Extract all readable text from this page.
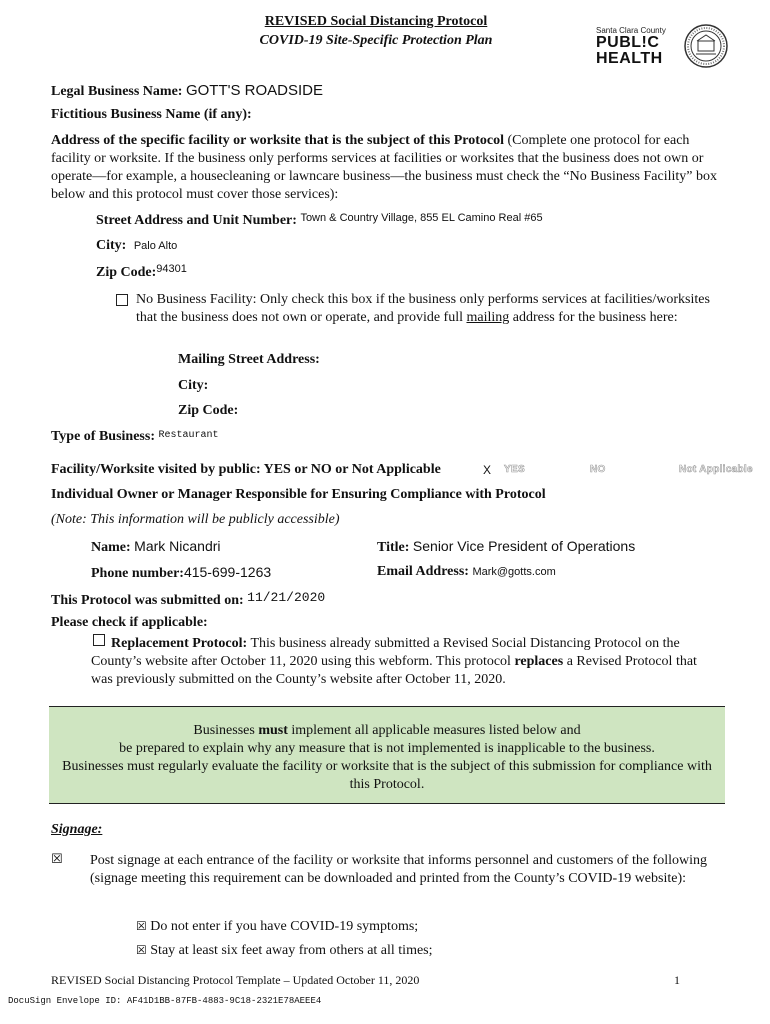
REVISED Social Distancing Protocol
COVID-19 Site-Specific Protection Plan
Santa Clara County
PUBL!C
HEALTH
Legal Business Name: GOTT'S ROADSIDE
Fictitious Business Name (if any):
Address of the specific facility or worksite that is the subject of this Protocol (Complete one protocol for each facility or worksite. If the business only performs services at facilities or worksites that the business does not own or operate—for example, a housecleaning or lawncare business—the business must check the “No Business Facility” box below and this protocol must cover those services):
Street Address and Unit Number: $^{Town \& Country Village, 855 EL Camino Real \#65}$
City: Palo Alto
Zip Code:$^{94301}$
No Business Facility: Only check this box if the business only performs services at facilities/worksites that the business does not own or operate, and provide full mailing address for the business here:
Mailing Street Address:
City:
Zip Code:
Type of Business: $^{Restaurant}$
Facility/Worksite visited by public: YES or NO or Not Applicable	X YES	NO	Not Applicable
Individual Owner or Manager Responsible for Ensuring Compliance with Protocol
(Note: This information will be publicly accessible)
Name: Mark Nicandri	Title: Senior Vice President of Operations
Phone number:415-699-1263	Email Address: Mark@gotts.com
This Protocol was submitted on: 11/21/2020
Please check if applicable:
Replacement Protocol: This business already submitted a Revised Social Distancing Protocol on the County’s website after October 11, 2020 using this webform. This protocol replaces a Revised Protocol that was previously submitted on the County’s website after October 11, 2020.
Businesses must implement all applicable measures listed below and
be prepared to explain why any measure that is not implemented is inapplicable to the business.
Businesses must regularly evaluate the facility or worksite that is the subject of this submission for compliance with this Protocol.
Signage:
☒ Post signage at each entrance of the facility or worksite that informs personnel and customers of the following (signage meeting this requirement can be downloaded and printed from the County’s COVID-19 website):
☒ Do not enter if you have COVID-19 symptoms;
☒ Stay at least six feet away from others at all times;
REVISED Social Distancing Protocol Template – Updated October 11, 2020	1
DocuSign Envelope ID: AF41D1BB-87FB-4883-9C18-2321E78AEEE4
